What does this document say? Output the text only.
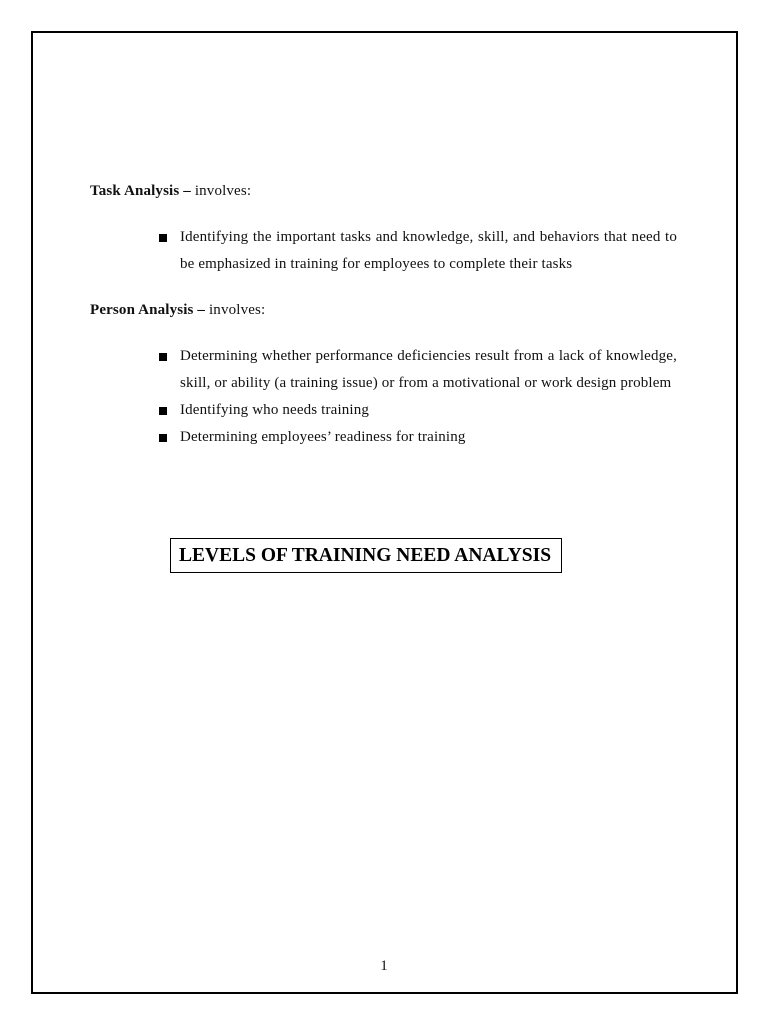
Task Analysis – involves:

Identifying the important tasks and knowledge, skill, and behaviors that need to be emphasized in training for employees to complete their tasks

Person Analysis – involves:

Determining whether performance deficiencies result from a lack of knowledge, skill, or ability (a training issue) or from a motivational or work design problem
Identifying who needs training
Determining employees’ readiness for training
LEVELS OF TRAINING NEED ANALYSIS
1
